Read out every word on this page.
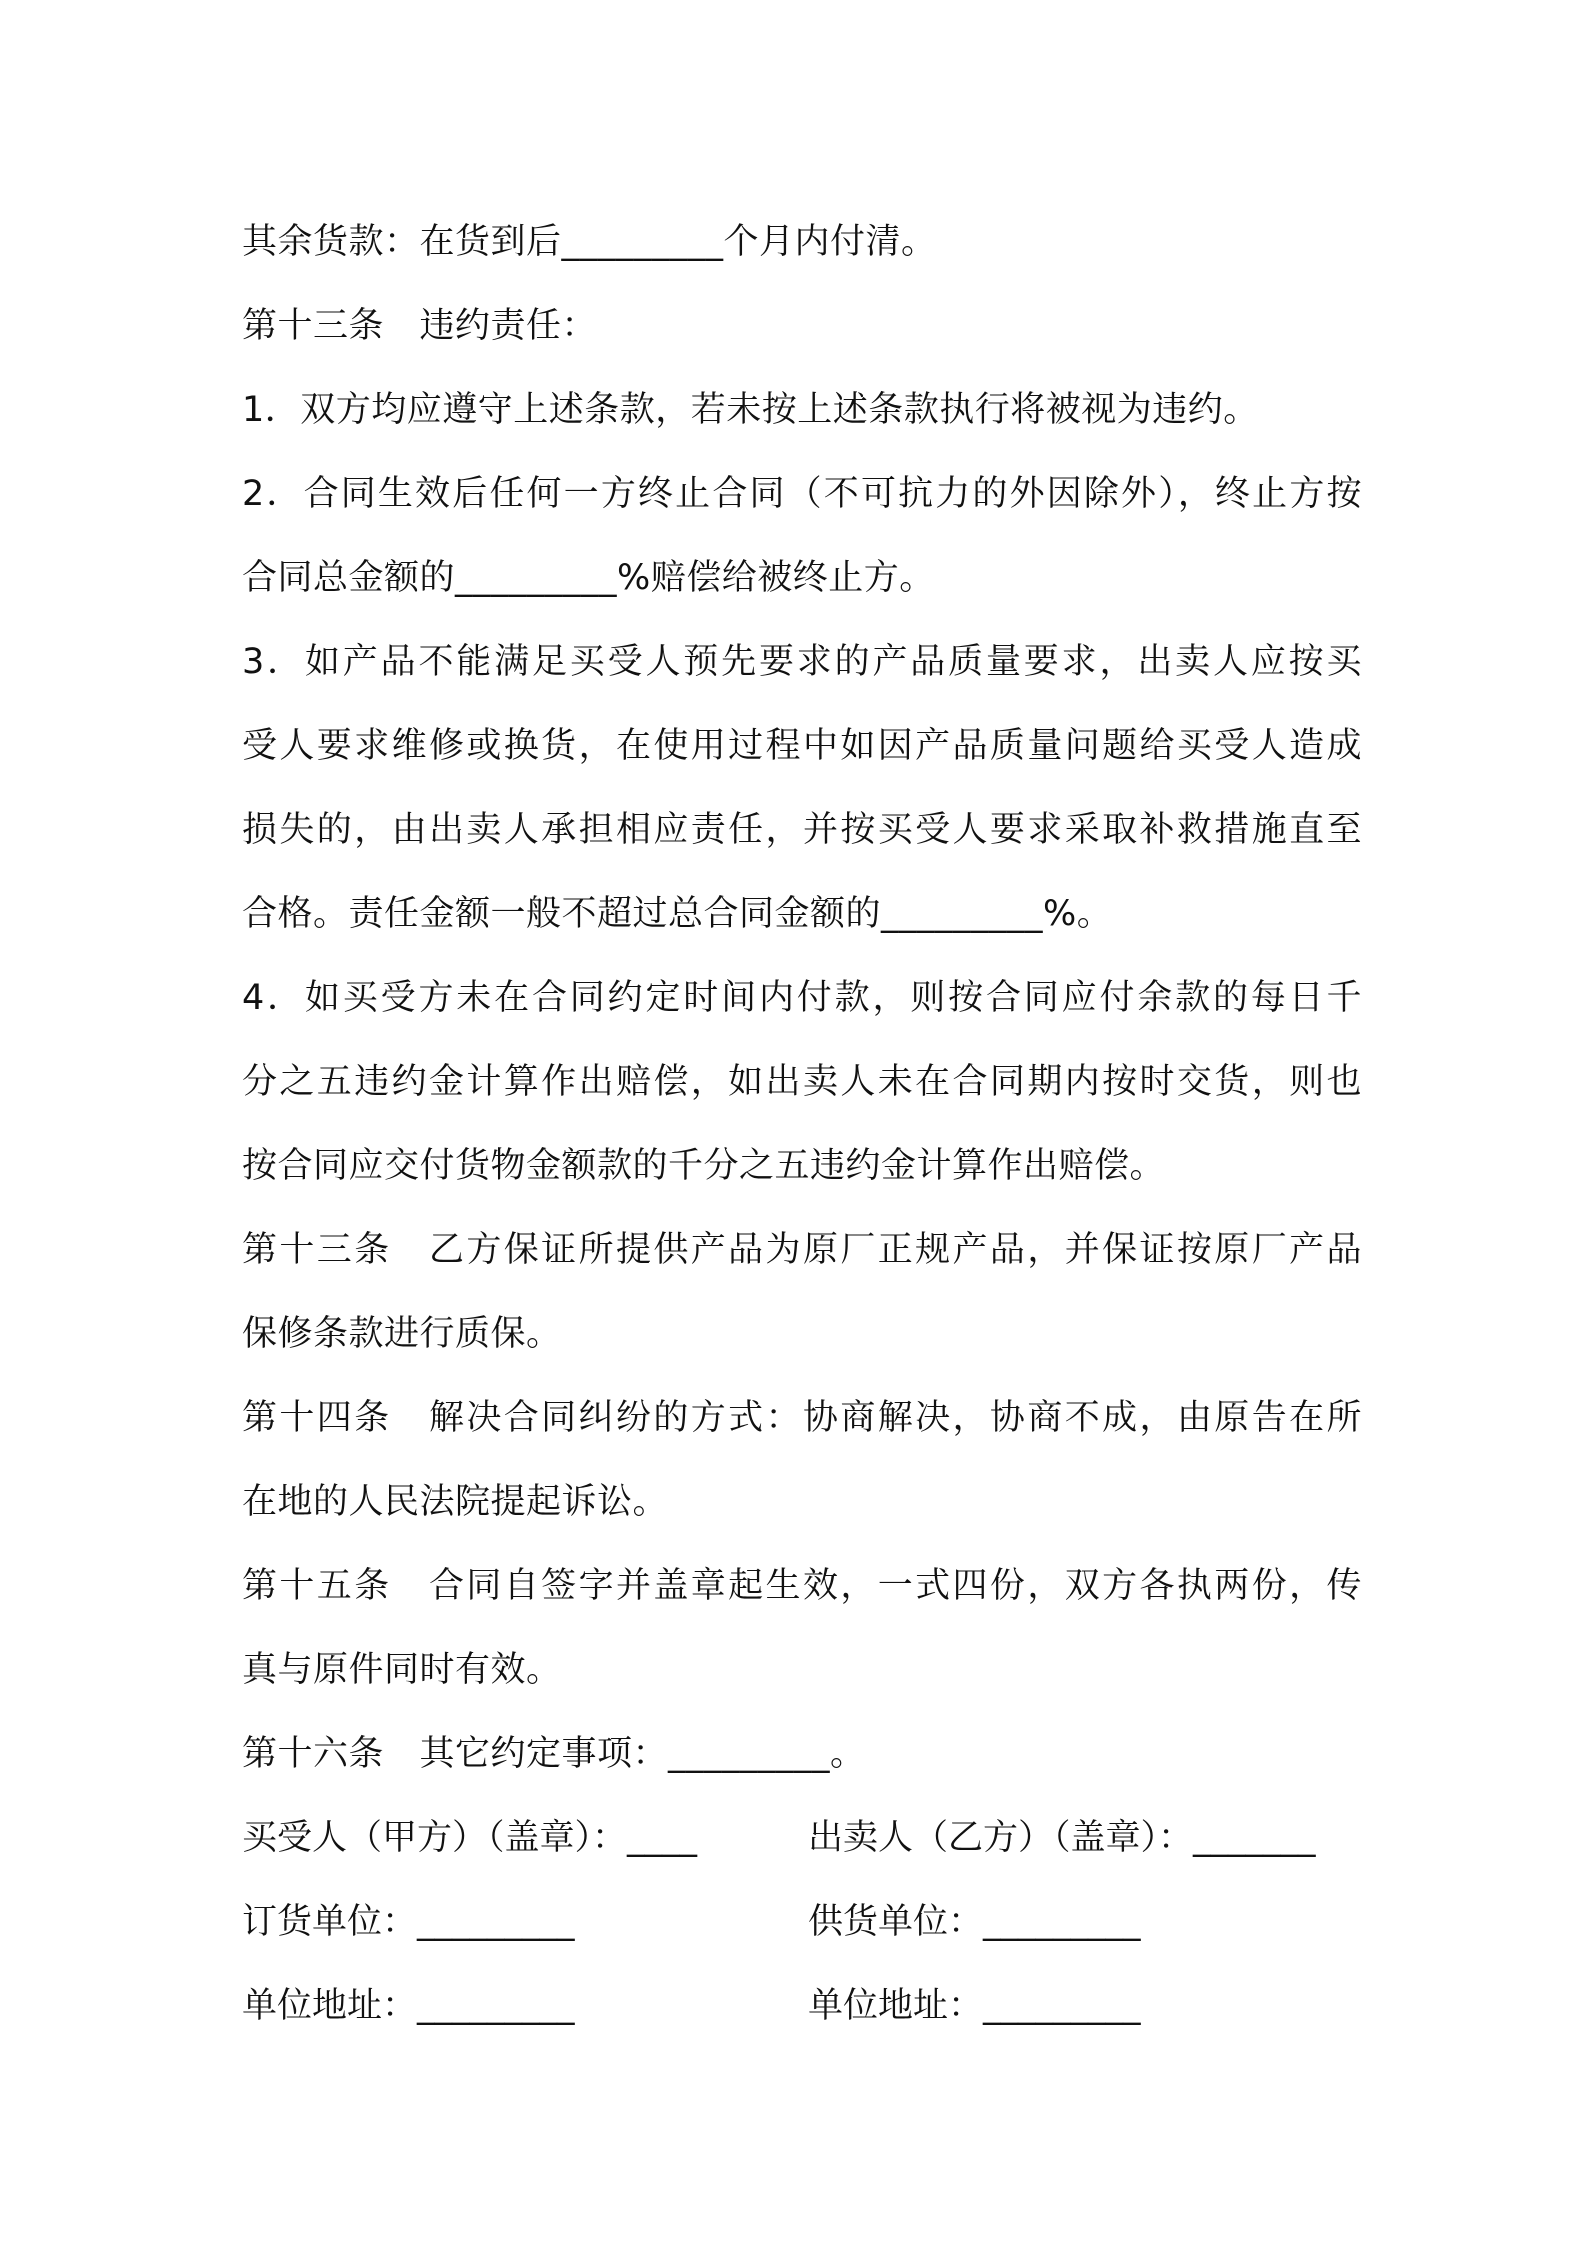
其余货款：在货到后_________个月内付清。
第十三条　违约责任：
1．双方均应遵守上述条款，若未按上述条款执行将被视为违约。
2．合同生效后任何一方终止合同（不可抗力的外因除外），终止方按
合同总金额的_________%赔偿给被终止方。
3．如产品不能满足买受人预先要求的产品质量要求，出卖人应按买
受人要求维修或换货，在使用过程中如因产品质量问题给买受人造成
损失的，由出卖人承担相应责任，并按买受人要求采取补救措施直至
合格。责任金额一般不超过总合同金额的_________%。
4．如买受方未在合同约定时间内付款，则按合同应付余款的每日千
分之五违约金计算作出赔偿，如出卖人未在合同期内按时交货，则也
按合同应交付货物金额款的千分之五违约金计算作出赔偿。
第十三条　乙方保证所提供产品为原厂正规产品，并保证按原厂产品
保修条款进行质保。
第十四条　解决合同纠纷的方式：协商解决，协商不成，由原告在所
在地的人民法院提起诉讼。
第十五条　合同自签字并盖章起生效，一式四份，双方各执两份，传
真与原件同时有效。
第十六条　其它约定事项：_________。
买受人（甲方）（盖章）：____	出卖人（乙方）（盖章）：_______
订货单位：_________	供货单位：_________
单位地址：_________	单位地址：_________
